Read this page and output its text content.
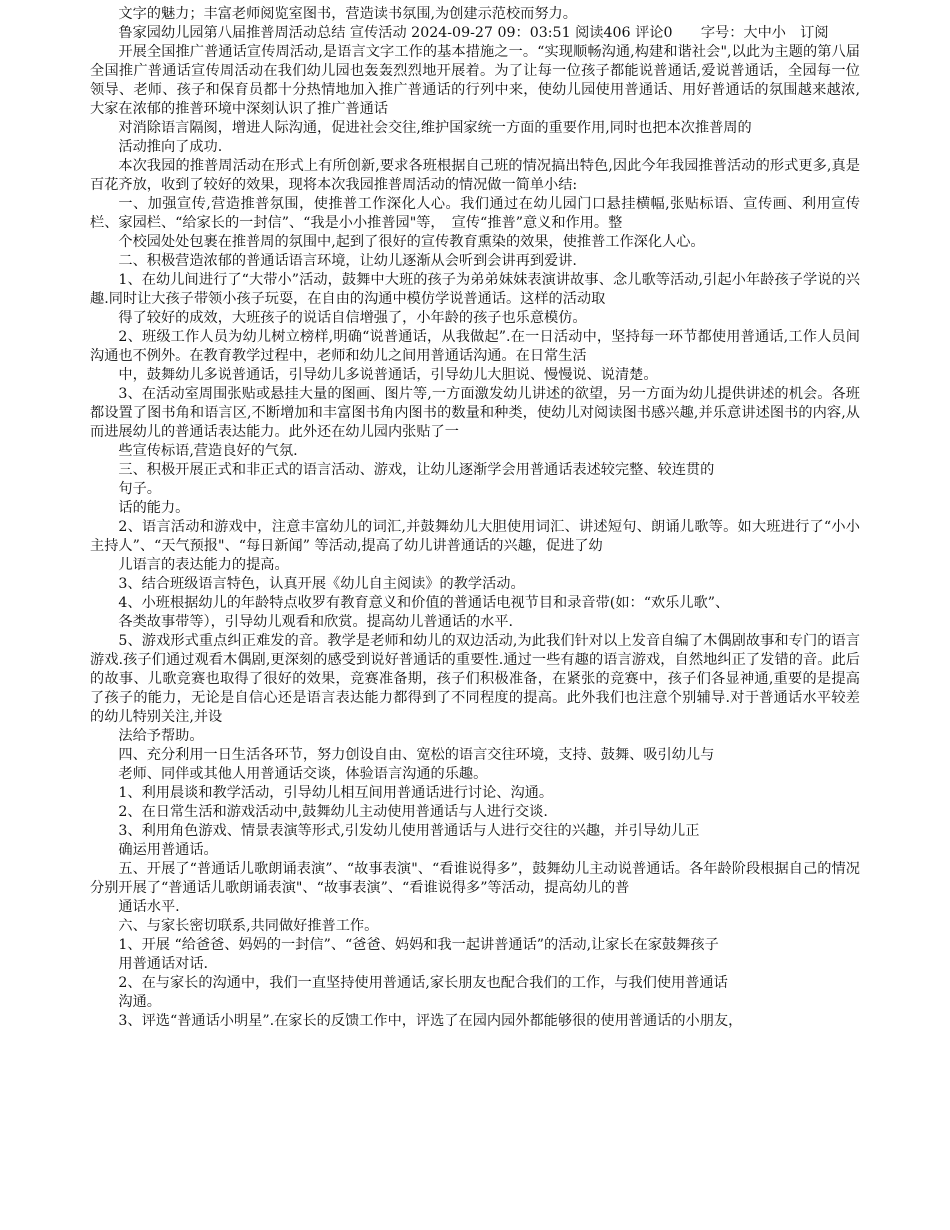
文字的魅力；丰富老师阅览室图书，营造读书氛围,为创建示范校而努力。

鲁家园幼儿园第八届推普周活动总结 宣传活动 2024-09-27 09：03:51 阅读406 评论0　　字号：大中小　订阅

开展全国推广普通话宣传周活动,是语言文字工作的基本措施之一。“实现顺畅沟通,构建和谐社会",以此为主题的第八届全国推广普通话宣传周活动在我们幼儿园也轰轰烈烈地开展着。为了让每一位孩子都能说普通话,爱说普通话，全园每一位领导、老师、孩子和保育员都十分热情地加入推广普通话的行列中来，使幼儿园使用普通话、用好普通话的氛围越来越浓,大家在浓郁的推普环境中深刻认识了推广普通话

对消除语言隔阂，增进人际沟通，促进社会交往,维护国家统一方面的重要作用,同时也把本次推普周的

活动推向了成功.

本次我园的推普周活动在形式上有所创新,要求各班根据自己班的情况搞出特色,因此今年我园推普活动的形式更多,真是百花齐放，收到了较好的效果，现将本次我园推普周活动的情况做一简单小结:

一、加强宣传,营造推普氛围，使推普工作深化人心。我们通过在幼儿园门口悬挂横幅,张贴标语、宣传画、利用宣传栏、家园栏、“给家长的一封信”、“我是小小推普园"等，　宣传“推普”意义和作用。整

个校园处处包裹在推普周的氛围中,起到了很好的宣传教育熏染的效果，使推普工作深化人心。

二、积极营造浓郁的普通话语言环境，让幼儿逐渐从会听到会讲再到爱讲.

1、在幼儿间进行了“大带小”活动，鼓舞中大班的孩子为弟弟妹妹表演讲故事、念儿歌等活动,引起小年龄孩子学说的兴趣.同时让大孩子带领小孩子玩耍，在自由的沟通中模仿学说普通话。这样的活动取

得了较好的成效，大班孩子的说话自信增强了，小年龄的孩子也乐意模仿。

2、班级工作人员为幼儿树立榜样,明确“说普通话，从我做起”.在一日活动中，坚持每一环节都使用普通话,工作人员间沟通也不例外。在教育教学过程中，老师和幼儿之间用普通话沟通。在日常生活

中，鼓舞幼儿多说普通话，引导幼儿多说普通话，引导幼儿大胆说、慢慢说、说清楚。

3、在活动室周围张贴或悬挂大量的图画、图片等,一方面激发幼儿讲述的欲望，另一方面为幼儿提供讲述的机会。各班都设置了图书角和语言区,不断增加和丰富图书角内图书的数量和种类，使幼儿对阅读图书感兴趣,并乐意讲述图书的内容,从而进展幼儿的普通话表达能力。此外还在幼儿园内张贴了一

些宣传标语,营造良好的气氛.

三、积极开展正式和非正式的语言活动、游戏，让幼儿逐渐学会用普通话表述较完整、较连贯的

句子。

话的能力。

2、语言活动和游戏中，注意丰富幼儿的词汇,并鼓舞幼儿大胆使用词汇、讲述短句、朗诵儿歌等。如大班进行了“小小主持人”、“天气预报"、“每日新闻” 等活动,提高了幼儿讲普通话的兴趣，促进了幼

儿语言的表达能力的提高。

3、结合班级语言特色，认真开展《幼儿自主阅读》的教学活动。

4、小班根据幼儿的年龄特点收罗有教育意义和价值的普通话电视节目和录音带(如：“欢乐儿歌”、

各类故事带等），引导幼儿观看和欣赏。提高幼儿普通话的水平.

5、游戏形式重点纠正难发的音。教学是老师和幼儿的双边活动,为此我们针对以上发音自编了木偶剧故事和专门的语言游戏.孩子们通过观看木偶剧,更深刻的感受到说好普通话的重要性.通过一些有趣的语言游戏，自然地纠正了发错的音。此后的故事、儿歌竞赛也取得了很好的效果，竞赛准备期，孩子们积极准备，在紧张的竞赛中，孩子们各显神通,重要的是提高了孩子的能力，无论是自信心还是语言表达能力都得到了不同程度的提高。此外我们也注意个别辅导.对于普通话水平较差的幼儿特别关注,并设

法给予帮助。

四、充分利用一日生活各环节，努力创设自由、宽松的语言交往环境，支持、鼓舞、吸引幼儿与

老师、同伴或其他人用普通话交谈，体验语言沟通的乐趣。

1、利用晨谈和教学活动，引导幼儿相互间用普通话进行讨论、沟通。

2、在日常生活和游戏活动中,鼓舞幼儿主动使用普通话与人进行交谈.

3、利用角色游戏、情景表演等形式,引发幼儿使用普通话与人进行交往的兴趣，并引导幼儿正

确运用普通话。

五、开展了“普通话儿歌朗诵表演”、“故事表演"、“看谁说得多”，鼓舞幼儿主动说普通话。各年龄阶段根据自己的情况分别开展了“普通话儿歌朗诵表演"、“故事表演”、“看谁说得多”等活动，提高幼儿的普

通话水平.

六、与家长密切联系,共同做好推普工作。

1、开展 “给爸爸、妈妈的一封信”、“爸爸、妈妈和我一起讲普通话”的活动,让家长在家鼓舞孩子

用普通话对话.

2、在与家长的沟通中，我们一直坚持使用普通话,家长朋友也配合我们的工作，与我们使用普通话

沟通。

3、评选“普通话小明星”.在家长的反馈工作中，评选了在园内园外都能够很的使用普通话的小朋友，
